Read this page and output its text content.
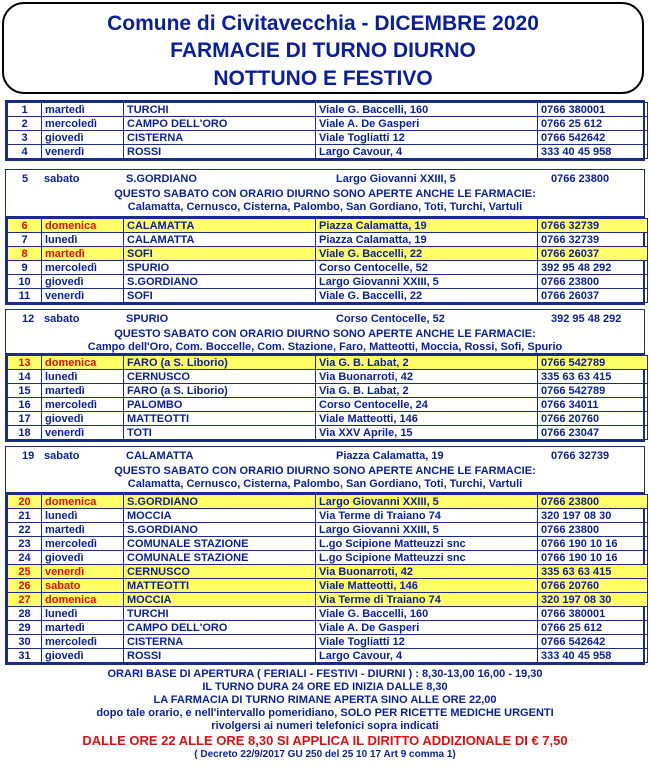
Comune di Civitavecchia - DICEMBRE 2020
FARMACIE DI TURNO DIURNO
NOTTUNO E FESTIVO
1	martedì	TURCHI	Viale G. Baccelli, 160	0766 380001
2	mercoledì	CAMPO DELL'ORO	Viale A. De Gasperi	0766 25 612
3	giovedì	CISTERNA	Viale Togliatti 12	0766 542642
4	venerdì	ROSSI	Largo Cavour, 4	333 40 45 958
5 sabato	S.GORDIANO	Largo Giovanni XXIII, 5	0766 23800
QUESTO SABATO CON ORARIO DIURNO SONO APERTE ANCHE LE FARMACIE:
Calamatta, Cernusco, Cisterna, Palombo, San Gordiano, Toti, Turchi, Vartuli
6	domenica	CALAMATTA	Piazza Calamatta, 19	0766 32739
7	lunedì	CALAMATTA	Piazza Calamatta, 19	0766 32739
8	martedì	SOFI	Viale G. Baccelli, 22	0766 26037
9	mercoledì	SPURIO	Corso Centocelle, 52	392 95 48 292
10	giovedì	S.GORDIANO	Largo Giovanni XXIII, 5	0766 23800
11	venerdì	SOFI	Viale G. Baccelli, 22	0766 26037
12 sabato	SPURIO	Corso Centocelle, 52	392 95 48 292
QUESTO SABATO CON ORARIO DIURNO SONO APERTE ANCHE LE FARMACIE:
Campo dell'Oro, Com. Boccelle, Com. Stazione, Faro, Matteotti, Moccia, Rossi, Sofi, Spurio
13	domenica	FARO (a S. Liborio)	Via G. B. Labat, 2	0766 542789
14	lunedì	CERNUSCO	Via Buonarroti, 42	335 63 63 415
15	martedì	FARO (a S. Liborio)	Via G. B. Labat, 2	0766 542789
16	mercoledì	PALOMBO	Corso Centocelle, 24	0766 34011
17	giovedì	MATTEOTTI	Viale Matteotti, 146	0766 20760
18	venerdì	TOTI	Via XXV Aprile, 15	0766 23047
19 sabato	CALAMATTA	Piazza Calamatta, 19	0766 32739
QUESTO SABATO CON ORARIO DIURNO SONO APERTE ANCHE LE FARMACIE:
Calamatta, Cernusco, Cisterna, Palombo, San Gordiano, Toti, Turchi, Vartuli
20	domenica	S.GORDIANO	Largo Giovanni XXIII, 5	0766 23800
21	lunedì	MOCCIA	Via Terme di Traiano 74	320 197 08 30
22	martedì	S.GORDIANO	Largo Giovanni XXIII, 5	0766 23800
23	mercoledì	COMUNALE STAZIONE	L.go Scipione Matteuzzi snc	0766 190 10 16
24	giovedì	COMUNALE STAZIONE	L.go Scipione Matteuzzi snc	0766 190 10 16
25	venerdì	CERNUSCO	Via Buonarroti, 42	335 63 63 415
26	sabato	MATTEOTTI	Viale Matteotti, 146	0766 20760
27	domenica	MOCCIA	Via Terme di Traiano 74	320 197 08 30
28	lunedì	TURCHI	Viale G. Baccelli, 160	0766 380001
29	martedì	CAMPO DELL'ORO	Viale A. De Gasperi	0766 25 612
30	mercoledì	CISTERNA	Viale Togliatti 12	0766 542642
31	giovedì	ROSSI	Largo Cavour, 4	333 40 45 958
ORARI BASE DI APERTURA ( FERIALI - FESTIVI - DIURNI ) : 8,30-13,00 16,00 - 19,30
IL TURNO DURA 24 ORE ED INIZIA DALLE 8,30
LA FARMACIA DI TURNO RIMANE APERTA SINO ALLE ORE 22,00
dopo tale orario, e nell'intervallo pomeridiano, SOLO PER RICETTE MEDICHE URGENTI
rivolgersi ai numeri telefonici sopra indicati
DALLE ORE 22 ALLE ORE 8,30 SI APPLICA IL DIRITTO ADDIZIONALE DI € 7,50
( Decreto 22/9/2017 GU 250 del 25 10 17 Art 9 comma 1)
